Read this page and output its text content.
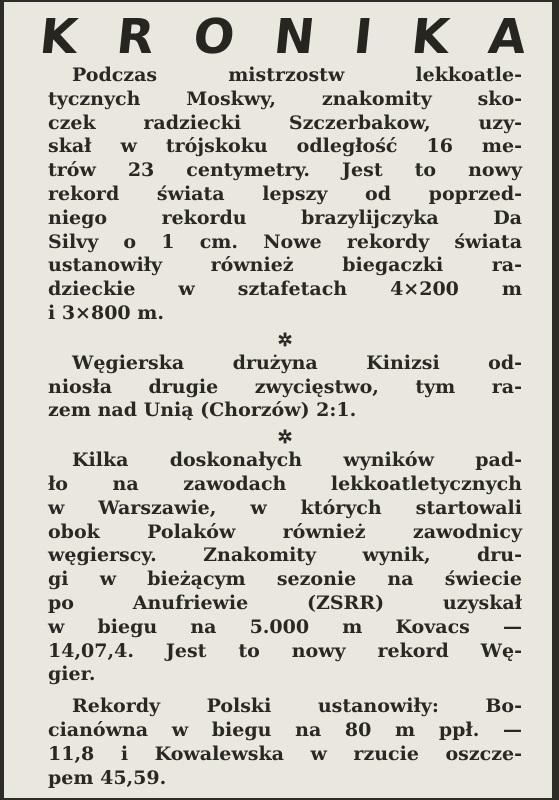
K R O N I K A
Podczas mistrzostw lekkoatle-
tycznych Moskwy, znakomity sko-
czek radziecki Szczerbakow, uzy-
skał w trójskoku odległość 16 me-
trów 23 centymetry. Jest to nowy
rekord świata lepszy od poprzed-
niego rekordu brazylijczyka Da
Silvy o 1 cm. Nowe rekordy świata
ustanowiły również biegaczki ra-
dzieckie w sztafetach 4×200 m
i 3×800 m.
✲
Węgierska drużyna Kinizsi od-
niosła drugie zwycięstwo, tym ra-
zem nad Unią (Chorzów) 2:1.
✲
Kilka doskonałych wyników pad-
ło na zawodach lekkoatletycznych
w Warszawie, w których startowali
obok Polaków również zawodnicy
węgierscy. Znakomity wynik, dru-
gi w bieżącym sezonie na świecie
po Anufriewie (ZSRR) uzyskał
w biegu na 5.000 m Kovacs —
14,07,4. Jest to nowy rekord Wę-
gier.
Rekordy Polski ustanowiły: Bo-
cianówna w biegu na 80 m ppł. —
11,8 i Kowalewska w rzucie oszcze-
pem 45,59.
